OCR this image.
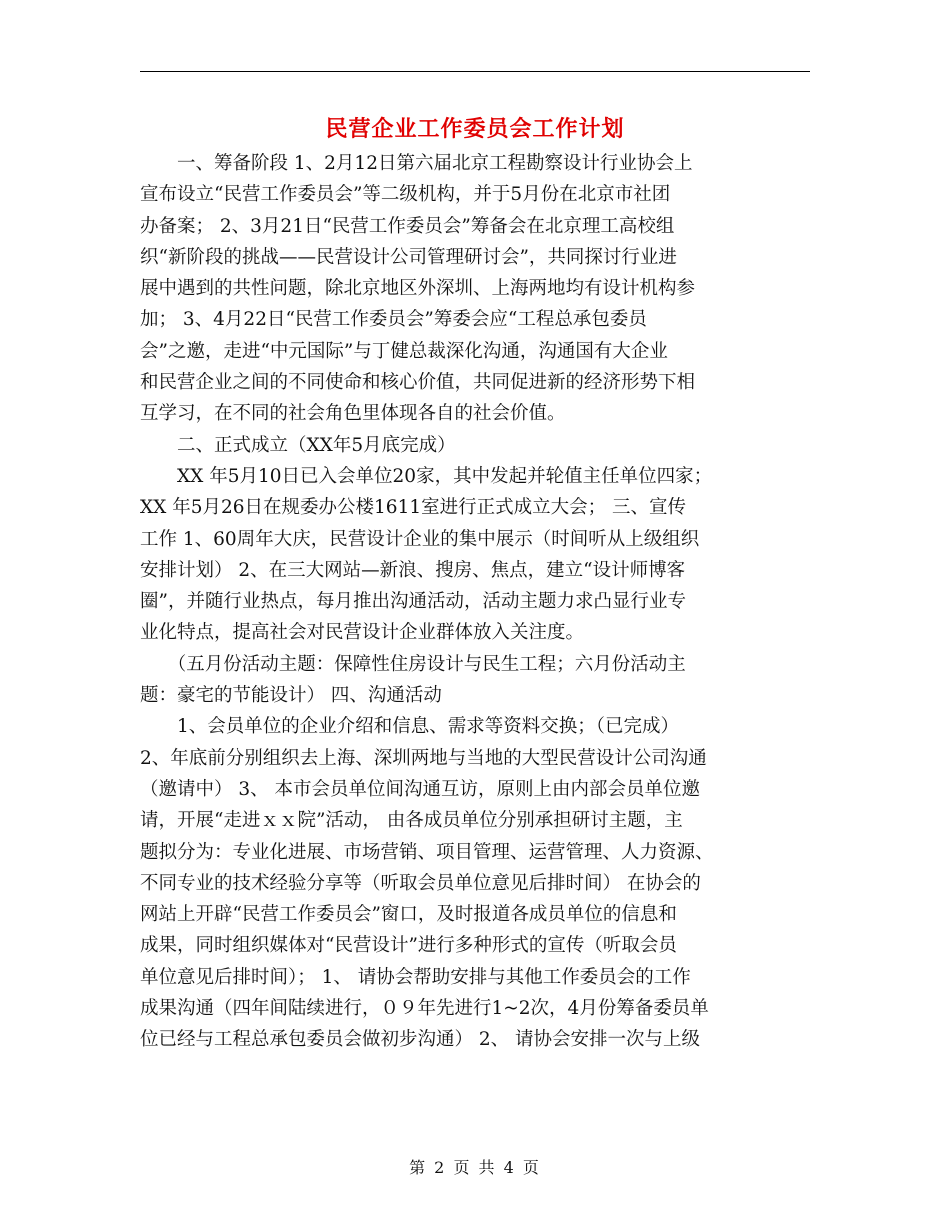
民营企业工作委员会工作计划
　　一、筹备阶段 1、2月12日第六届北京工程勘察设计行业协会上
宣布设立“民营工作委员会”等二级机构，并于5月份在北京市社团
办备案； 2、3月21日“民营工作委员会”筹备会在北京理工高校组
织“新阶段的挑战——民营设计公司管理研讨会”，共同探讨行业进
展中遇到的共性问题，除北京地区外深圳、上海两地均有设计机构参
加； 3、4月22日“民营工作委员会”筹委会应“工程总承包委员
会”之邀，走进“中元国际”与丁健总裁深化沟通，沟通国有大企业
和民营企业之间的不同使命和核心价值，共同促进新的经济形势下相
互学习，在不同的社会角色里体现各自的社会价值。
　　二、正式成立（XX年5月底完成）
　　XX 年5月10日已入会单位20家，其中发起并轮值主任单位四家；
XX 年5月26日在规委办公楼1611室进行正式成立大会； 三、宣传
工作 1、60周年大庆，民营设计企业的集中展示（时间听从上级组织
安排计划） 2、在三大网站—新浪、搜房、焦点，建立“设计师博客
圈”，并随行业热点，每月推出沟通活动，活动主题力求凸显行业专
业化特点，提高社会对民营设计企业群体放入关注度。
　　（五月份活动主题：保障性住房设计与民生工程；六月份活动主
题：豪宅的节能设计） 四、沟通活动
　　1、会员单位的企业介绍和信息、需求等资料交换；（已完成）
2、年底前分别组织去上海、深圳两地与当地的大型民营设计公司沟通
（邀请中） 3、 本市会员单位间沟通互访，原则上由内部会员单位邀
请，开展“走进ｘｘ院”活动， 由各成员单位分别承担研讨主题，主
题拟分为：专业化进展、市场营销、项目管理、运营管理、人力资源、
不同专业的技术经验分享等（听取会员单位意见后排时间） 在协会的
网站上开辟“民营工作委员会”窗口，及时报道各成员单位的信息和
成果，同时组织媒体对“民营设计”进行多种形式的宣传（听取会员
单位意见后排时间）； 1、 请协会帮助安排与其他工作委员会的工作
成果沟通（四年间陆续进行，０９年先进行1~2次，4月份筹备委员单
位已经与工程总承包委员会做初步沟通） 2、 请协会安排一次与上级
第 2 页 共 4 页
